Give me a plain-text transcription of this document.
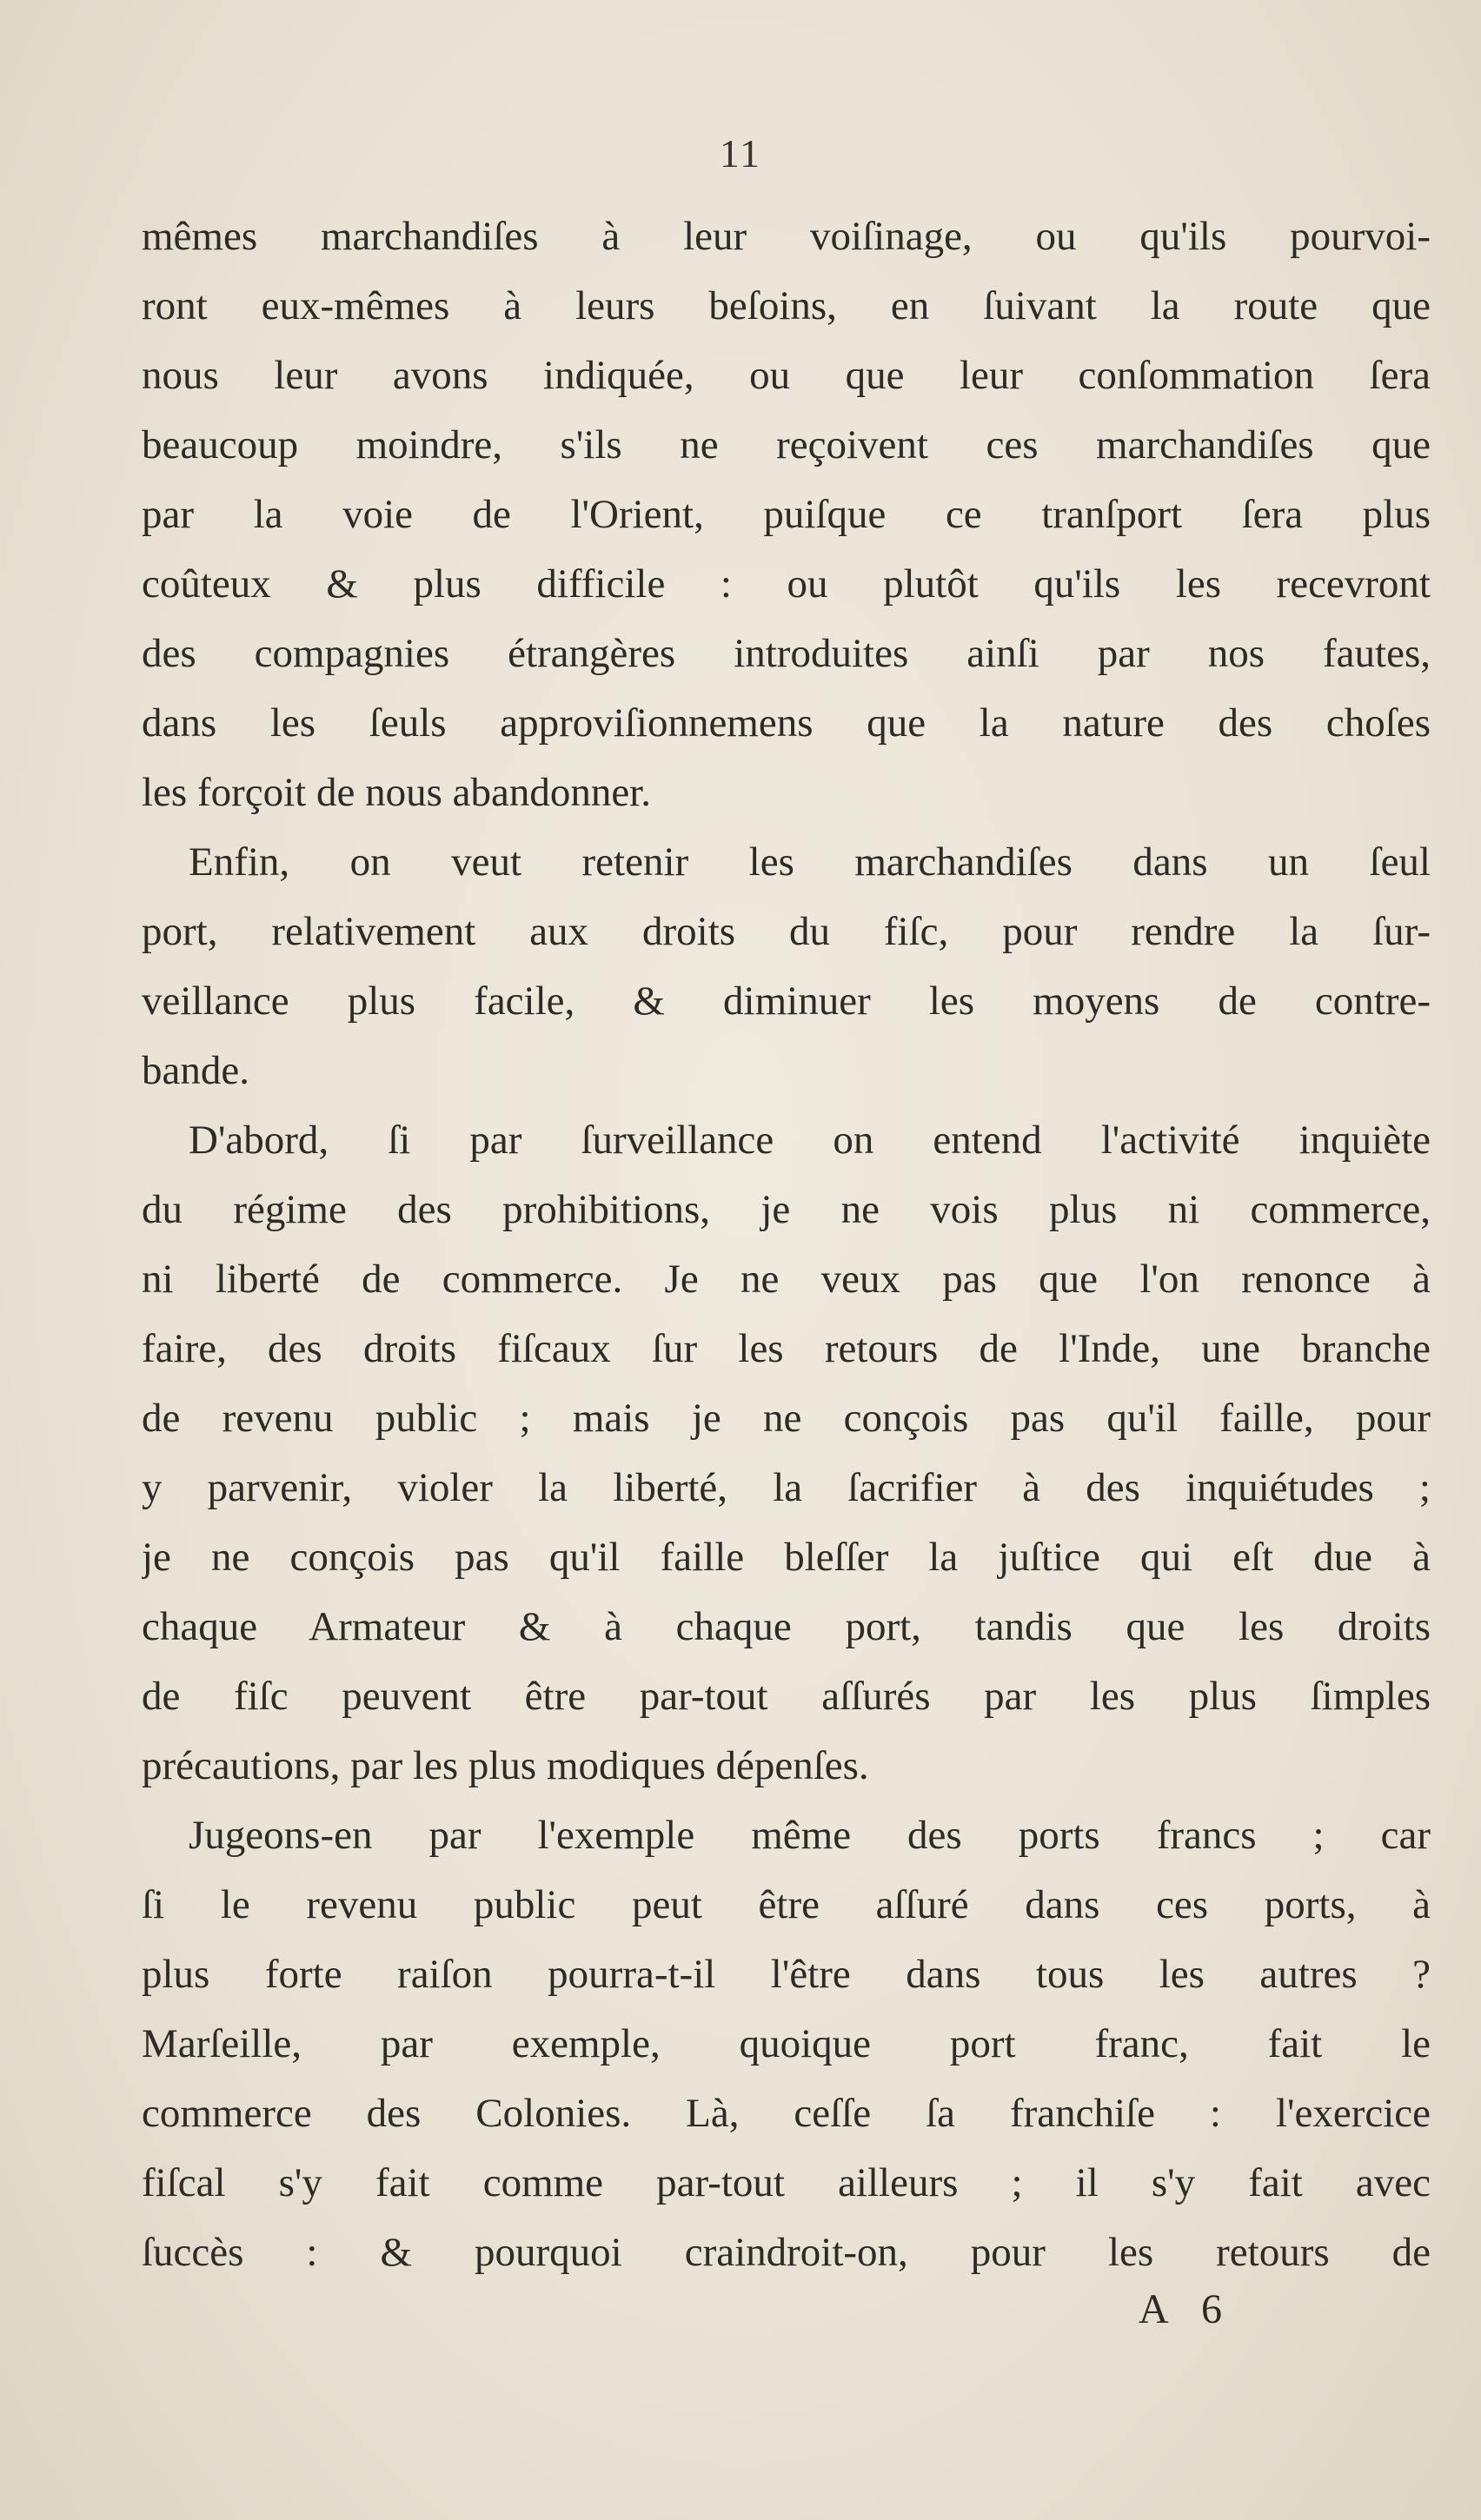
11
mêmes marchandiſes à leur voiſinage, ou qu'ils pourvoi-
ront eux-mêmes à leurs beſoins, en ſuivant la route que
nous leur avons indiquée, ou que leur conſommation ſera
beaucoup moindre, s'ils ne reçoivent ces marchandiſes que
par la voie de l'Orient, puiſque ce tranſport ſera plus
coûteux & plus difficile : ou plutôt qu'ils les recevront
des compagnies étrangères introduites ainſi par nos fautes,
dans les ſeuls approviſionnemens que la nature des choſes
les forçoit de nous abandonner.
Enfin, on veut retenir les marchandiſes dans un ſeul
port, relativement aux droits du fiſc, pour rendre la ſur-
veillance plus facile, & diminuer les moyens de contre-
bande.
D'abord, ſi par ſurveillance on entend l'activité inquiète
du régime des prohibitions, je ne vois plus ni commerce,
ni liberté de commerce. Je ne veux pas que l'on renonce à
faire, des droits fiſcaux ſur les retours de l'Inde, une branche
de revenu public ; mais je ne conçois pas qu'il faille, pour
y parvenir, violer la liberté, la ſacrifier à des inquiétudes ;
je ne conçois pas qu'il faille bleſſer la juſtice qui eſt due à
chaque Armateur & à chaque port, tandis que les droits
de fiſc peuvent être par-tout aſſurés par les plus ſimples
précautions, par les plus modiques dépenſes.
Jugeons-en par l'exemple même des ports francs ; car
ſi le revenu public peut être aſſuré dans ces ports, à
plus forte raiſon pourra-t-il l'être dans tous les autres ?
Marſeille, par exemple, quoique port franc, fait le
commerce des Colonies. Là, ceſſe ſa franchiſe : l'exercice
fiſcal s'y fait comme par-tout ailleurs ; il s'y fait avec
ſuccès : & pourquoi craindroit-on, pour les retours de
A 6
